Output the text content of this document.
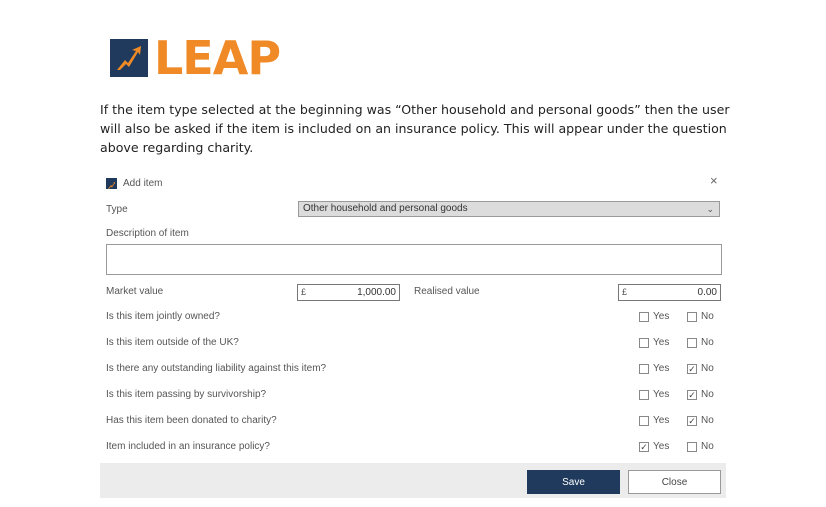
LEAP

If the item type selected at the beginning was “Other household and personal goods” then the user will also be asked if the item is included on an insurance policy. This will appear under the question above regarding charity.

Add item	×
Type	Other household and personal goods	⌄
Description of item
Market value	£	1,000.00 Realised value	£	0.00
Is this item jointly owned?	Yes	No
Is this item outside of the UK?	Yes	No
Is there any outstanding liability against this item?	Yes ✓ No
Is this item passing by survivorship?	Yes ✓ No
Has this item been donated to charity?	Yes ✓ No
Item included in an insurance policy?	✓ Yes	No
Save	Close
